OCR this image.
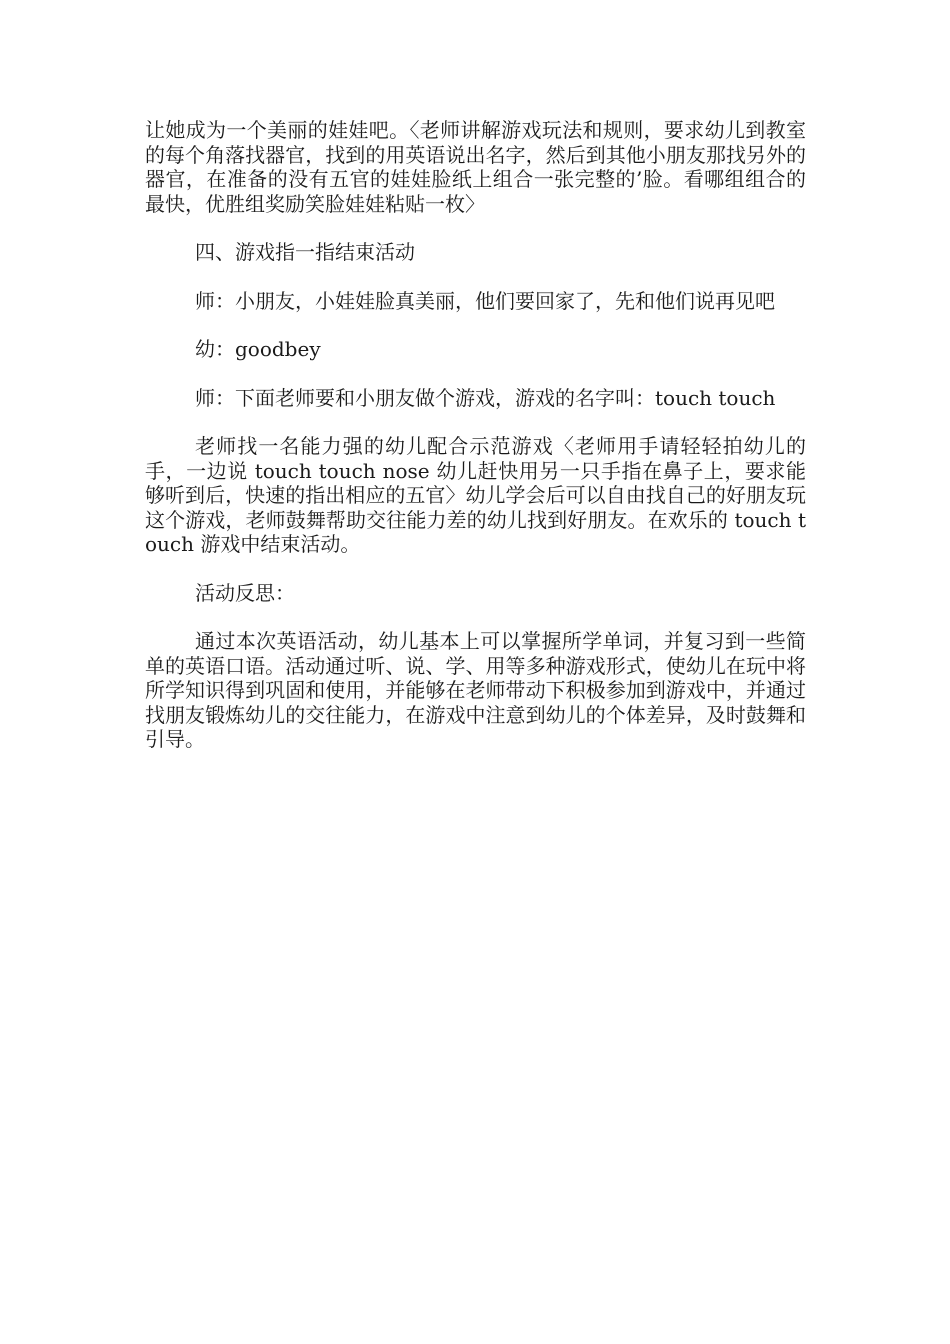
让她成为一个美丽的娃娃吧。〈老师讲解游戏玩法和规则，要求幼儿到教室的每个角落找器官，找到的用英语说出名字，然后到其他小朋友那找另外的器官，在准备的没有五官的娃娃脸纸上组合一张完整的’脸。看哪组组合的最快，优胜组奖励笑脸娃娃粘贴一枚〉

四、游戏指一指结束活动

师：小朋友，小娃娃脸真美丽，他们要回家了，先和他们说再见吧

幼：goodbey

师：下面老师要和小朋友做个游戏，游戏的名字叫：touch touch

老师找一名能力强的幼儿配合示范游戏〈老师用手请轻轻拍幼儿的手，一边说 touch touch nose 幼儿赶快用另一只手指在鼻子上，要求能够听到后，快速的指出相应的五官〉幼儿学会后可以自由找自己的好朋友玩这个游戏，老师鼓舞帮助交往能力差的幼儿找到好朋友。在欢乐的 touch touch 游戏中结束活动。

活动反思：

通过本次英语活动，幼儿基本上可以掌握所学单词，并复习到一些简单的英语口语。活动通过听、说、学、用等多种游戏形式，使幼儿在玩中将所学知识得到巩固和使用，并能够在老师带动下积极参加到游戏中，并通过找朋友锻炼幼儿的交往能力，在游戏中注意到幼儿的个体差异，及时鼓舞和引导。
